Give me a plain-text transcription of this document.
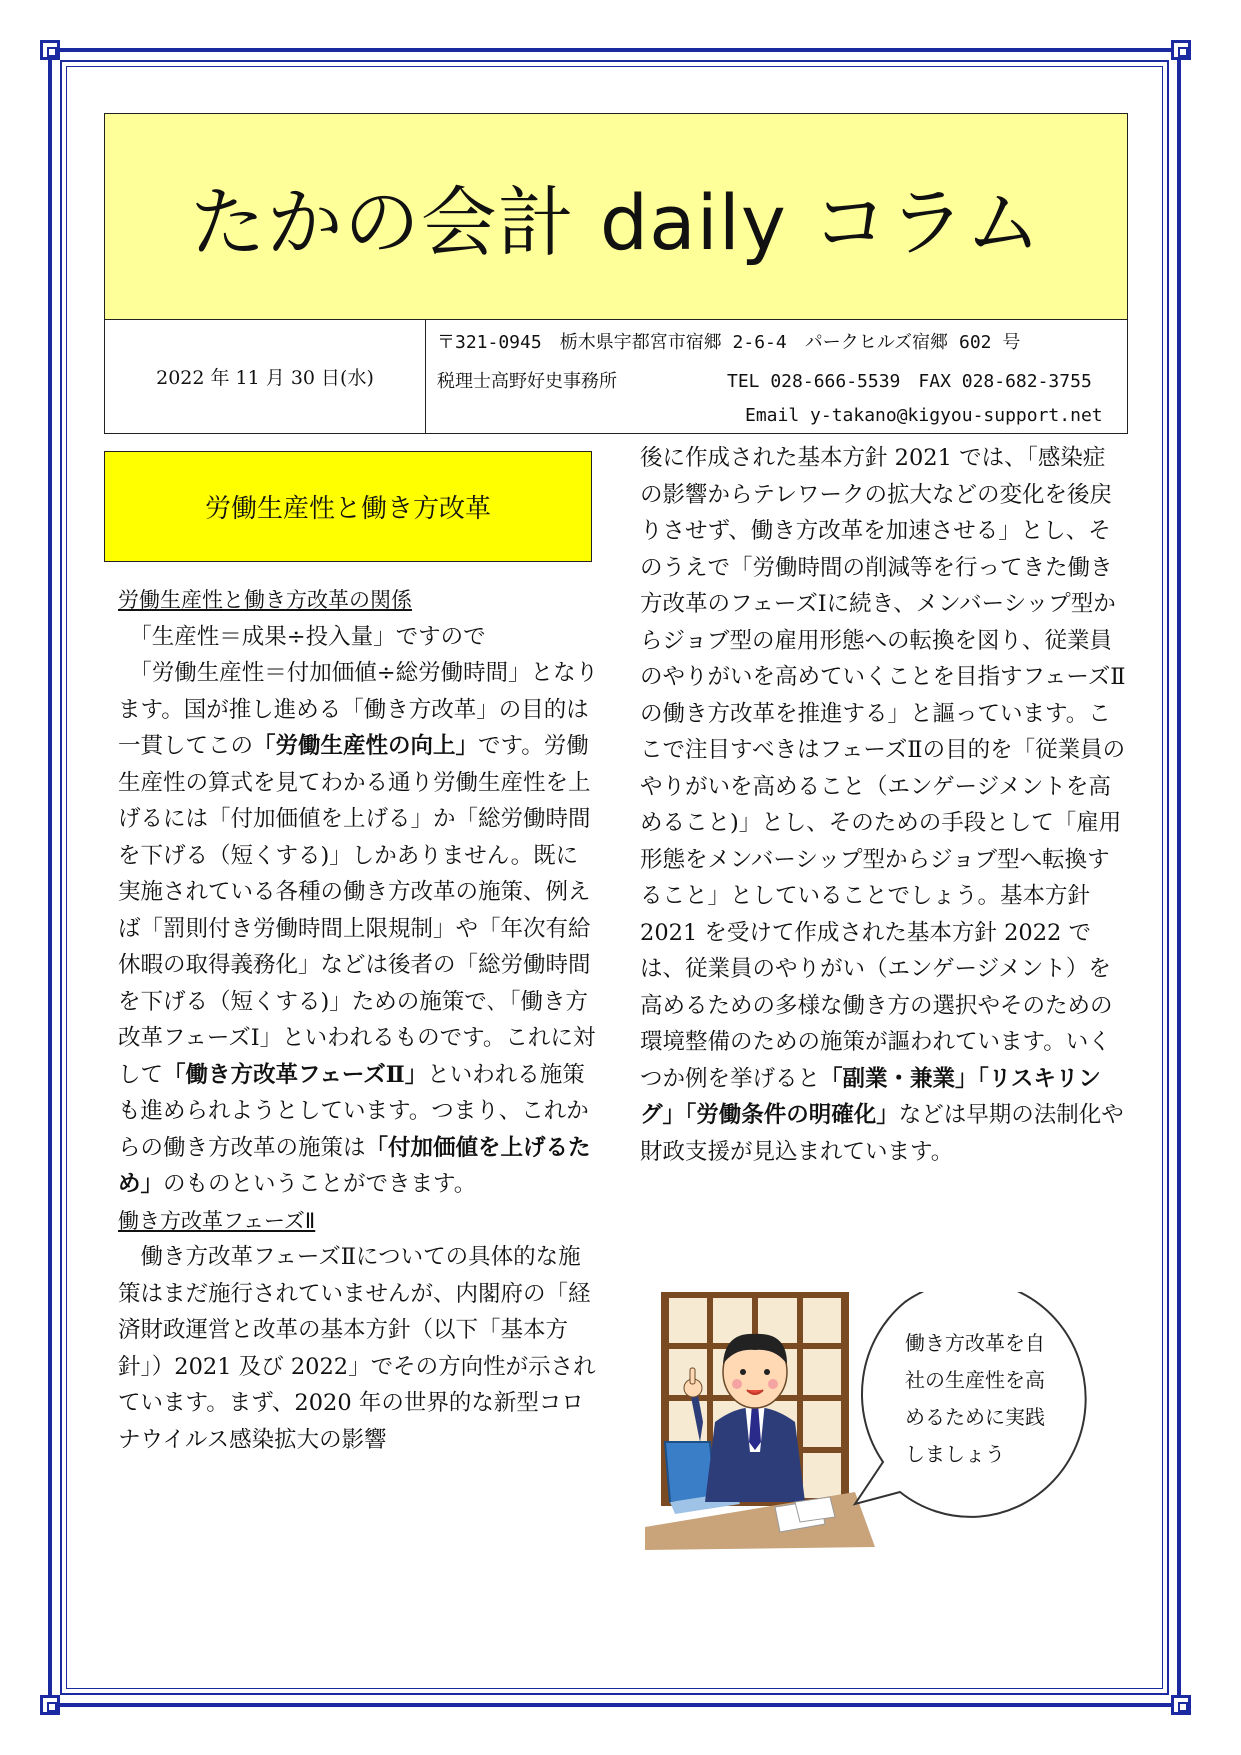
たかの会計 daily コラム
2022 年 11 月 30 日(水)
〒321-0945　栃木県宇都宮市宿郷 2-6-4　パークヒルズ宿郷 602 号
税理士高野好史事務所	TEL 028-666-5539　FAX 028-682-3755
Email y-takano@kigyou-support.net
労働生産性と働き方改革

労働生産性と働き方改革の関係

　「生産性＝成果÷投入量」ですので
　「労働生産性＝付加価値÷総労働時間」となります。国が推し進める「働き方改革」の目的は一貫してこの「労働生産性の向上」です。労働生産性の算式を見てわかる通り労働生産性を上げるには「付加価値を上げる」か「総労働時間を下げる（短くする)」しかありません。既に実施されている各種の働き方改革の施策、例えば「罰則付き労働時間上限規制」や「年次有給休暇の取得義務化」などは後者の「総労働時間を下げる（短くする)」ための施策で､「働き方改革フェーズⅠ」といわれるものです。これに対して「働き方改革フェーズⅡ」といわれる施策も進められようとしています。つまり、これからの働き方改革の施策は「付加価値を上げるため」のものということができます。

働き方改革フェーズⅡ

　働き方改革フェーズⅡについての具体的な施策はまだ施行されていませんが、内閣府の「経済財政運営と改革の基本方針（以下「基本方針」）2021 及び 2022」でその方向性が示されています。まず、2020 年の世界的な新型コロナウイルス感染拡大の影響

後に作成された基本方針 2021 では、「感染症の影響からテレワークの拡大などの変化を後戻りさせず、働き方改革を加速させる」とし、そのうえで「労働時間の削減等を行ってきた働き方改革のフェーズⅠに続き、メンバーシップ型からジョブ型の雇用形態への転換を図り、従業員のやりがいを高めていくことを目指すフェーズⅡの働き方改革を推進する」と謳っています。ここで注目すべきはフェーズⅡの目的を「従業員のやりがいを高めること（エンゲージメントを高めること)」とし、そのための手段として「雇用形態をメンバーシップ型からジョブ型へ転換すること」としていることでしょう。基本方針 2021 を受けて作成された基本方針 2022 では、従業員のやりがい（エンゲージメント）を高めるための多様な働き方の選択やそのための環境整備のための施策が謳われています。いくつか例を挙げると「副業・兼業」「リスキリング」「労働条件の明確化」などは早期の法制化や財政支援が見込まれています。

働き方改革を自
社の生産性を高
めるために実践
しましょう
